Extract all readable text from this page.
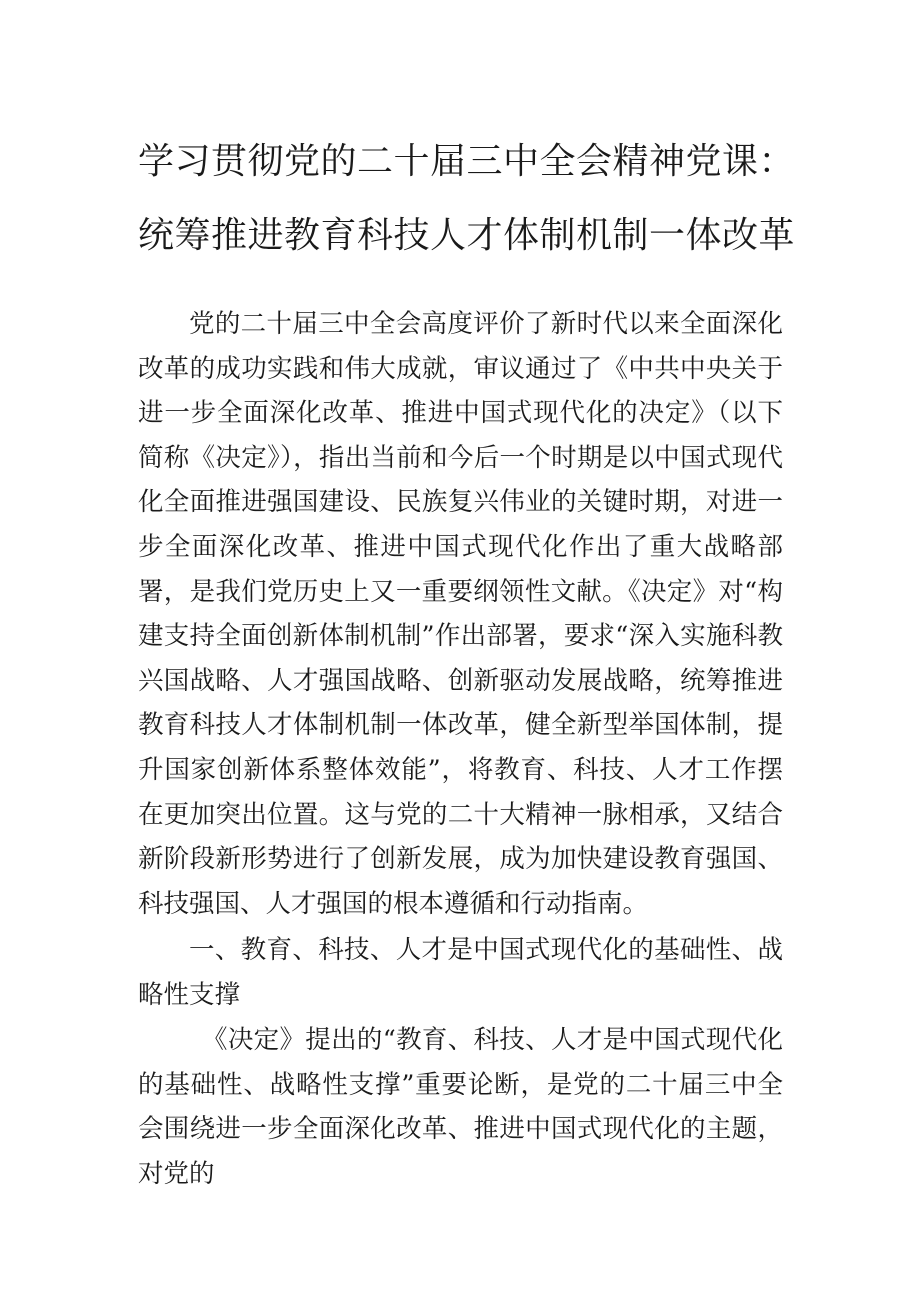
学习贯彻党的二十届三中全会精神党课：
统筹推进教育科技人才体制机制一体改革
党的二十届三中全会高度评价了新时代以来全面深化改革的成功实践和伟大成就，审议通过了《中共中央关于进一步全面深化改革、推进中国式现代化的决定》（以下简称《决定》），指出当前和今后一个时期是以中国式现代化全面推进强国建设、民族复兴伟业的关键时期，对进一步全面深化改革、推进中国式现代化作出了重大战略部署，是我们党历史上又一重要纲领性文献。《决定》对“构建支持全面创新体制机制”作出部署，要求“深入实施科教兴国战略、人才强国战略、创新驱动发展战略，统筹推进教育科技人才体制机制一体改革，健全新型举国体制，提升国家创新体系整体效能”，将教育、科技、人才工作摆在更加突出位置。这与党的二十大精神一脉相承，又结合新阶段新形势进行了创新发展，成为加快建设教育强国、科技强国、人才强国的根本遵循和行动指南。
一、教育、科技、人才是中国式现代化的基础性、战略性支撑
《决定》提出的“教育、科技、人才是中国式现代化的基础性、战略性支撑”重要论断，是党的二十届三中全会围绕进一步全面深化改革、推进中国式现代化的主题，对党的
